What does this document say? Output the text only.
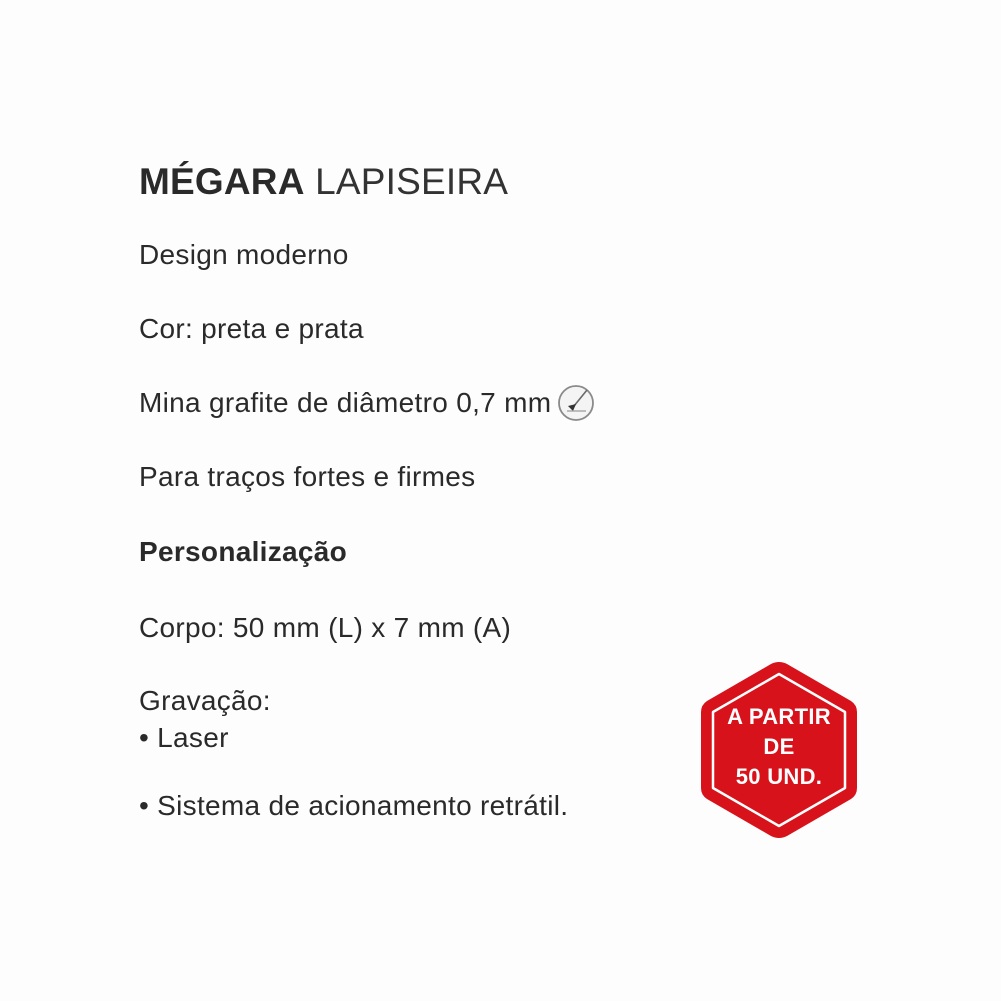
MÉGARA LAPISEIRA
Design moderno
Cor: preta e prata
Mina grafite de diâmetro 0,7 mm
Para traços fortes e firmes
Personalização
Corpo: 50 mm (L) x 7 mm (A)
Gravação:
• Laser
• Sistema de acionamento retrátil.
A PARTIR
DE
50 UND.
